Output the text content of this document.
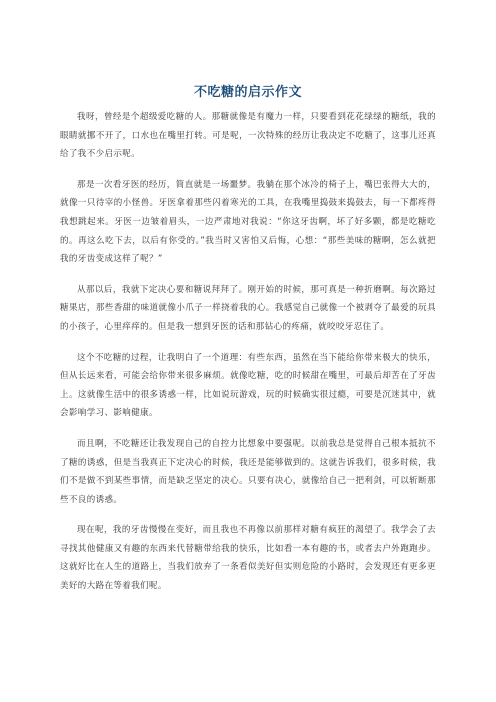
不吃糖的启示作文

我呀，曾经是个超级爱吃糖的人。那糖就像是有魔力一样，只要看到花花绿绿的糖纸，我的眼睛就挪不开了，口水也在嘴里打转。可是呢，一次特殊的经历让我决定不吃糖了，这事儿还真给了我不少启示呢。

那是一次看牙医的经历，简直就是一场噩梦。我躺在那个冰冷的椅子上，嘴巴张得大大的，就像一只待宰的小怪兽。牙医拿着那些闪着寒光的工具，在我嘴里捣鼓来捣鼓去，每一下都疼得我想跳起来。牙医一边皱着眉头，一边严肃地对我说：“你这牙齿啊，坏了好多颗，都是吃糖吃的。再这么吃下去，以后有你受的。”我当时又害怕又后悔，心想：“那些美味的糖啊，怎么就把我的牙齿变成这样了呢？”

从那以后，我就下定决心要和糖说拜拜了。刚开始的时候，那可真是一种折磨啊。每次路过糖果店，那些香甜的味道就像小爪子一样挠着我的心。我感觉自己就像一个被剥夺了最爱的玩具的小孩子，心里痒痒的。但是我一想到牙医的话和那钻心的疼痛，就咬咬牙忍住了。

这个不吃糖的过程，让我明白了一个道理：有些东西，虽然在当下能给你带来极大的快乐，但从长远来看，可能会给你带来很多麻烦。就像吃糖，吃的时候甜在嘴里，可最后却苦在了牙齿上。这就像生活中的很多诱惑一样，比如说玩游戏，玩的时候确实很过瘾，可要是沉迷其中，就会影响学习、影响健康。

而且啊，不吃糖还让我发现自己的自控力比想象中要强呢。以前我总是觉得自己根本抵抗不了糖的诱惑，但是当我真正下定决心的时候，我还是能够做到的。这就告诉我们，很多时候，我们不是做不到某些事情，而是缺乏坚定的决心。只要有决心，就像给自己一把利剑，可以斩断那些不良的诱惑。

现在呢，我的牙齿慢慢在变好，而且我也不再像以前那样对糖有疯狂的渴望了。我学会了去寻找其他健康又有趣的东西来代替糖带给我的快乐，比如看一本有趣的书，或者去户外跑跑步。这就好比在人生的道路上，当我们放弃了一条看似美好但实则危险的小路时，会发现还有更多更美好的大路在等着我们呢。
